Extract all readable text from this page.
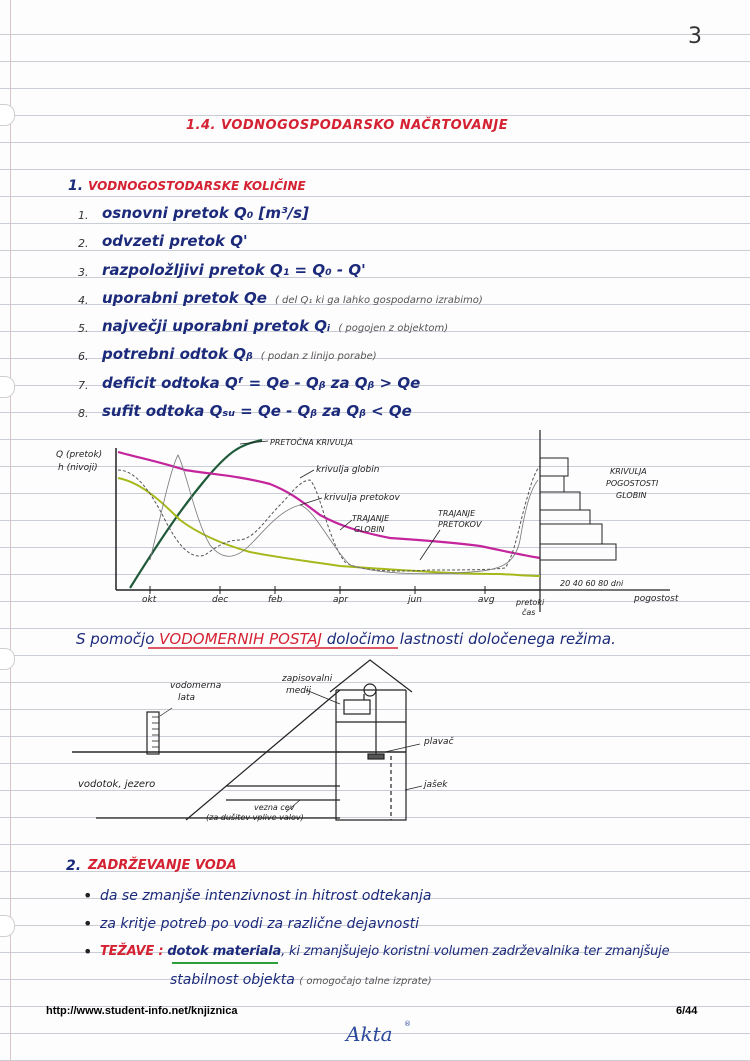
3
1.4. VODNOGOSPODARSKO NAČRTOVANJE
1. VODNOGOSTODARSKE KOLIČINE
1. osnovni pretok Q₀ [m³/s]
2. odvzeti pretok Q'
3. razpoložljivi pretok Q₁ = Q₀ - Q'
4. uporabni pretok Qe ( del Q₁ ki ga lahko gospodarno izrabimo)
5. največji uporabni pretok Qᵢ ( pogojen z objektom)
6. potrebni odtok Qᵦ ( podan z linijo porabe)
7. deficit odtoka Qᶠ = Qe - Qᵦ za Qᵦ > Qe
8. sufit odtoka Qₛᵤ = Qe - Qᵦ za Qᵦ < Qe
Q (pretok)
h (nivoji)
PRETOČNA KRIVULJA
krivulja globin
krivulja pretokov
TRAJANJE
GLOBIN
TRAJANJE
PRETOKOV
KRIVULJA
POGOSTOSTI
GLOBIN
okt	dec	feb	apr	jun	avg	pretoki
čas
20 40 60 80 dni
pogostost
S pomočjo VODOMERNIH POSTAJ določimo lastnosti določenega režima.
vodomerna
lata
zapisovalni
medij
plavač
vodotok, jezero	jašek
vezna cev
(za dušitev vplive valov)
2. ZADRŽEVANJE VODA
• da se zmanjše intenzivnost in hitrost odtekanja
• za kritje potreb po vodi za različne dejavnosti
• TEŽAVE : dotok materiala, ki zmanjšujejo koristni volumen zadrževalnika ter zmanjšuje
stabilnost objekta ( omogočajo talne izprate)
http://www.student-info.net/knjiznica	6/44
Akta ®
